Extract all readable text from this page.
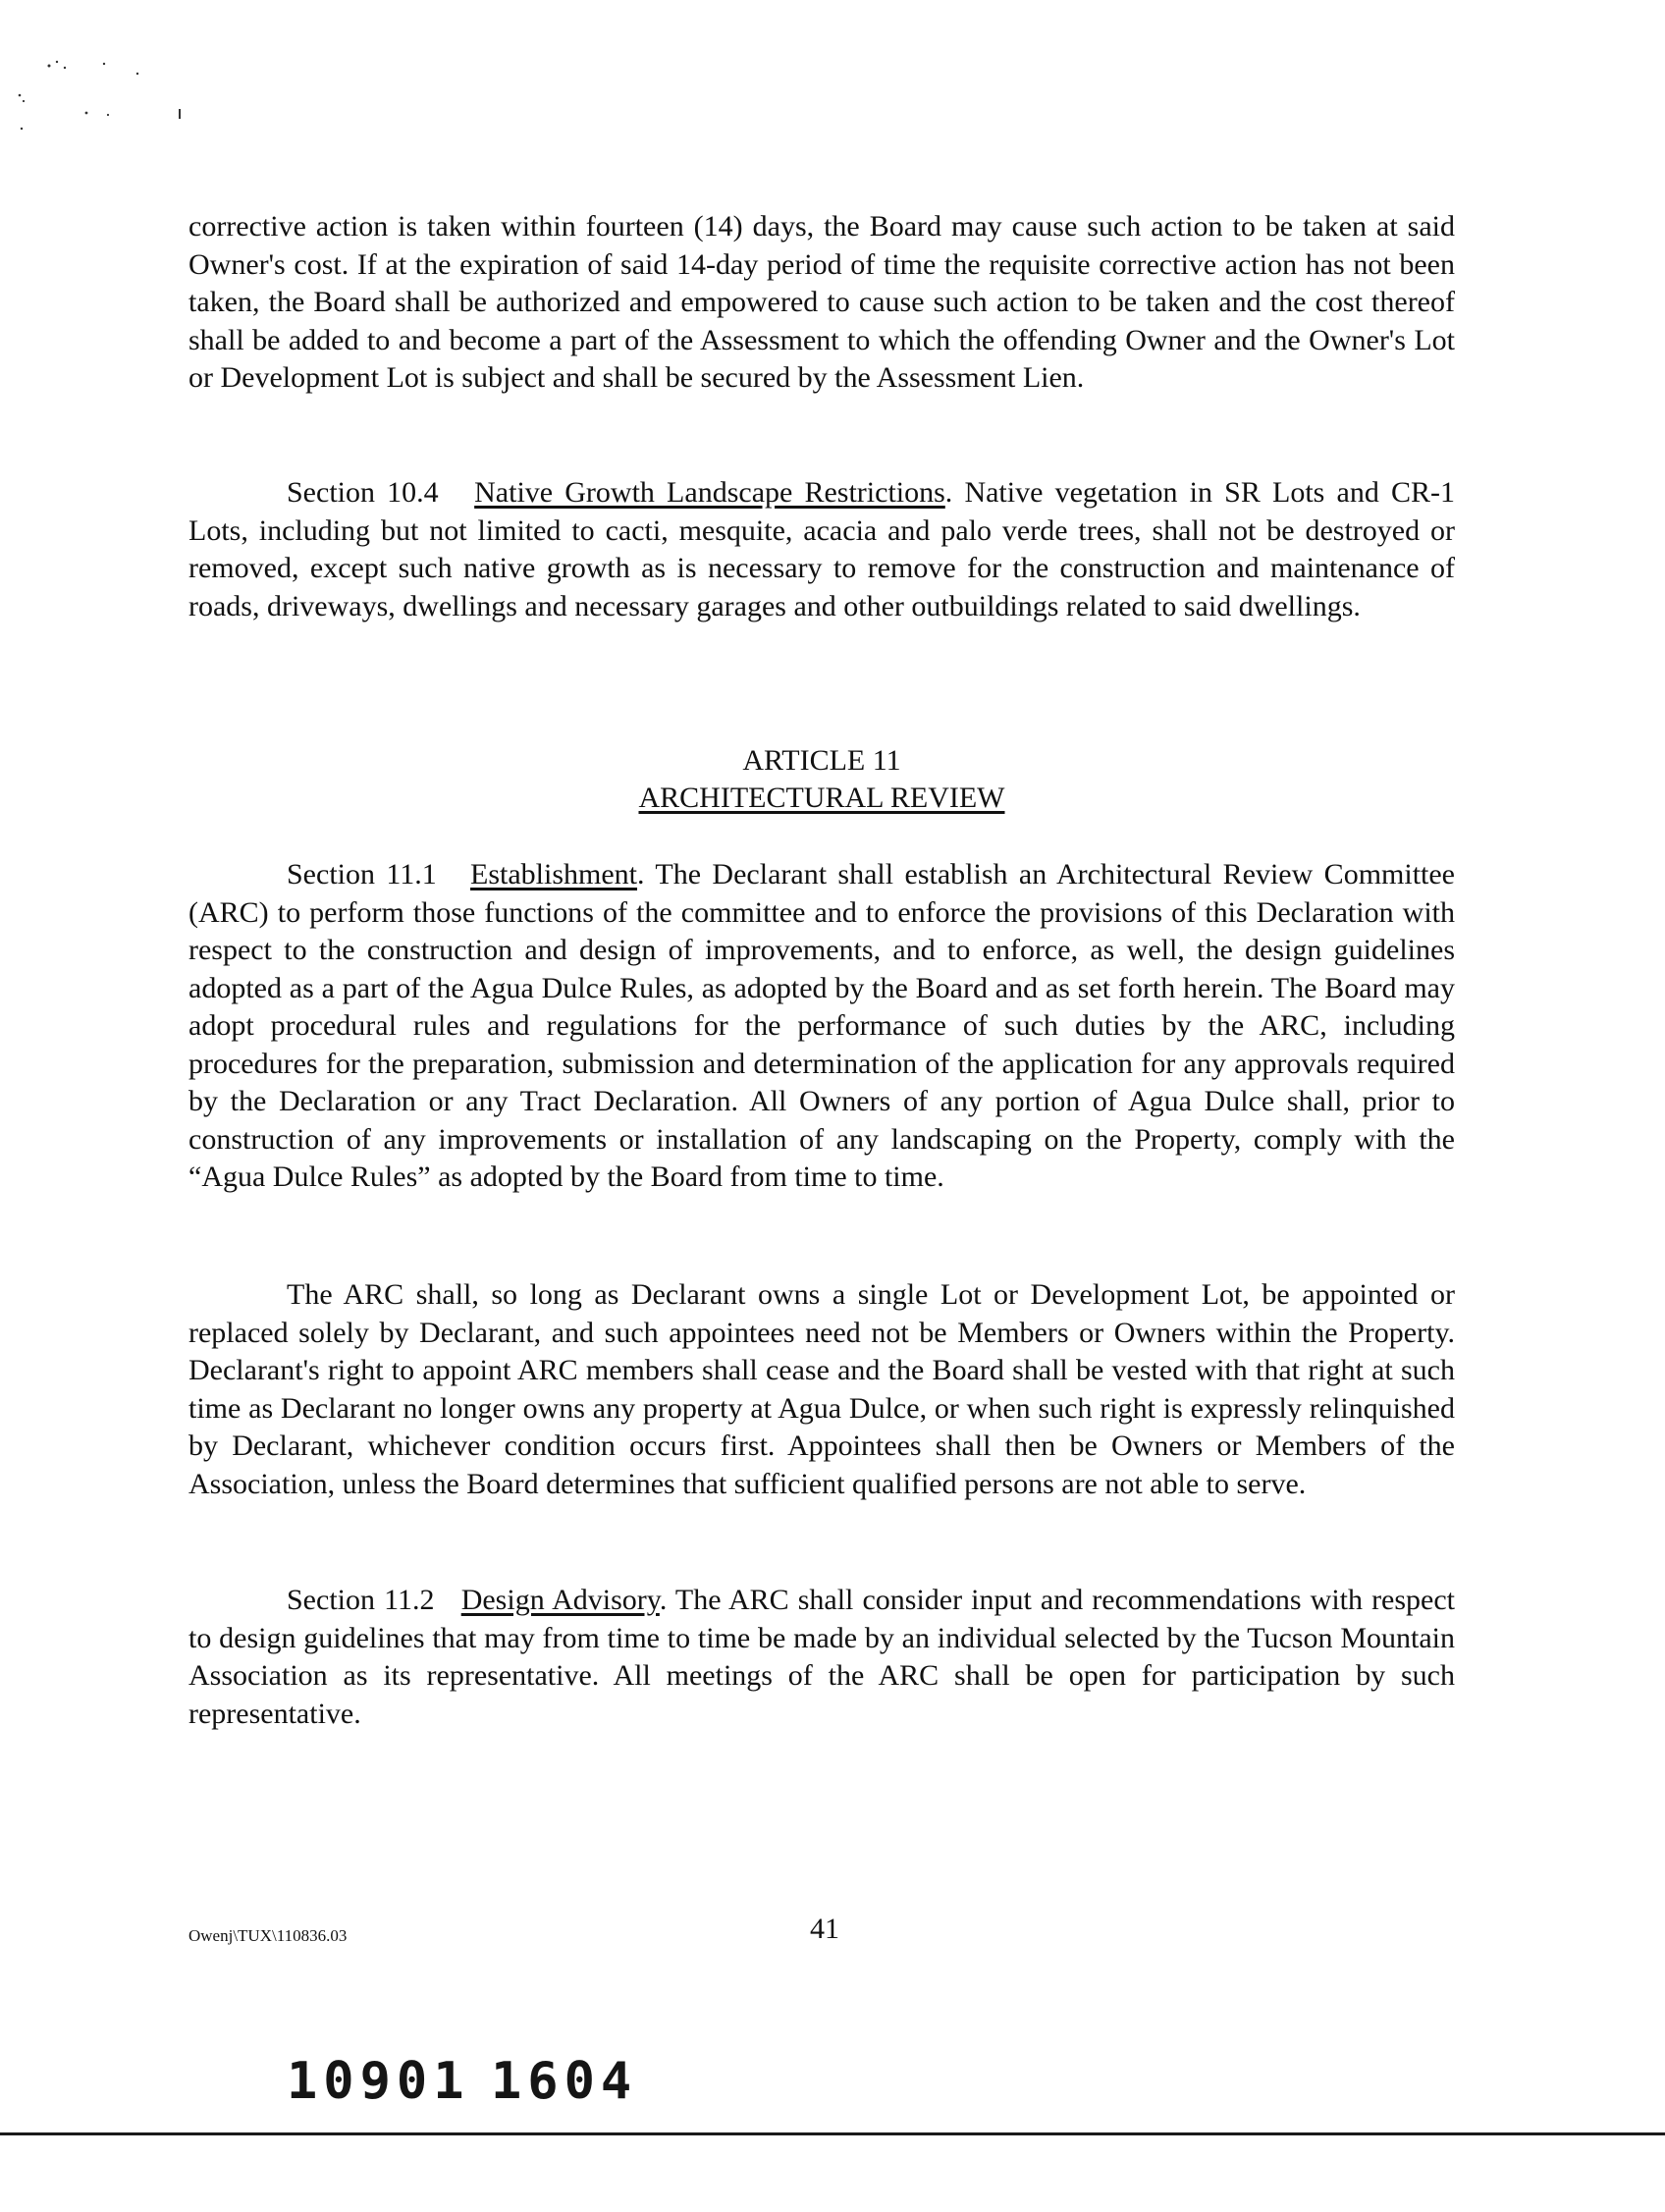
corrective action is taken within fourteen (14) days, the Board may cause such action to be taken at said Owner's cost. If at the expiration of said 14-day period of time the requisite corrective action has not been taken, the Board shall be authorized and empowered to cause such action to be taken and the cost thereof shall be added to and become a part of the Assessment to which the offending Owner and the Owner's Lot or Development Lot is subject and shall be secured by the Assessment Lien.

Section 10.4 Native Growth Landscape Restrictions. Native vegetation in SR Lots and CR-1 Lots, including but not limited to cacti, mesquite, acacia and palo verde trees, shall not be destroyed or removed, except such native growth as is necessary to remove for the construction and maintenance of roads, driveways, dwellings and necessary garages and other outbuildings related to said dwellings.

ARTICLE 11
ARCHITECTURAL REVIEW

Section 11.1 Establishment. The Declarant shall establish an Architectural Review Committee (ARC) to perform those functions of the committee and to enforce the provisions of this Declaration with respect to the construction and design of improvements, and to enforce, as well, the design guidelines adopted as a part of the Agua Dulce Rules, as adopted by the Board and as set forth herein. The Board may adopt procedural rules and regulations for the performance of such duties by the ARC, including procedures for the preparation, submission and determination of the application for any approvals required by the Declaration or any Tract Declaration. All Owners of any portion of Agua Dulce shall, prior to construction of any improvements or installation of any landscaping on the Property, comply with the “Agua Dulce Rules” as adopted by the Board from time to time.

The ARC shall, so long as Declarant owns a single Lot or Development Lot, be appointed or replaced solely by Declarant, and such appointees need not be Members or Owners within the Property. Declarant's right to appoint ARC members shall cease and the Board shall be vested with that right at such time as Declarant no longer owns any property at Agua Dulce, or when such right is expressly relinquished by Declarant, whichever condition occurs first. Appointees shall then be Owners or Members of the Association, unless the Board determines that sufficient qualified persons are not able to serve.

Section 11.2 Design Advisory. The ARC shall consider input and recommendations with respect to design guidelines that may from time to time be made by an individual selected by the Tucson Mountain Association as its representative. All meetings of the ARC shall be open for participation by such representative.

Owenj\TUX\110836.03	41
10901 1604
